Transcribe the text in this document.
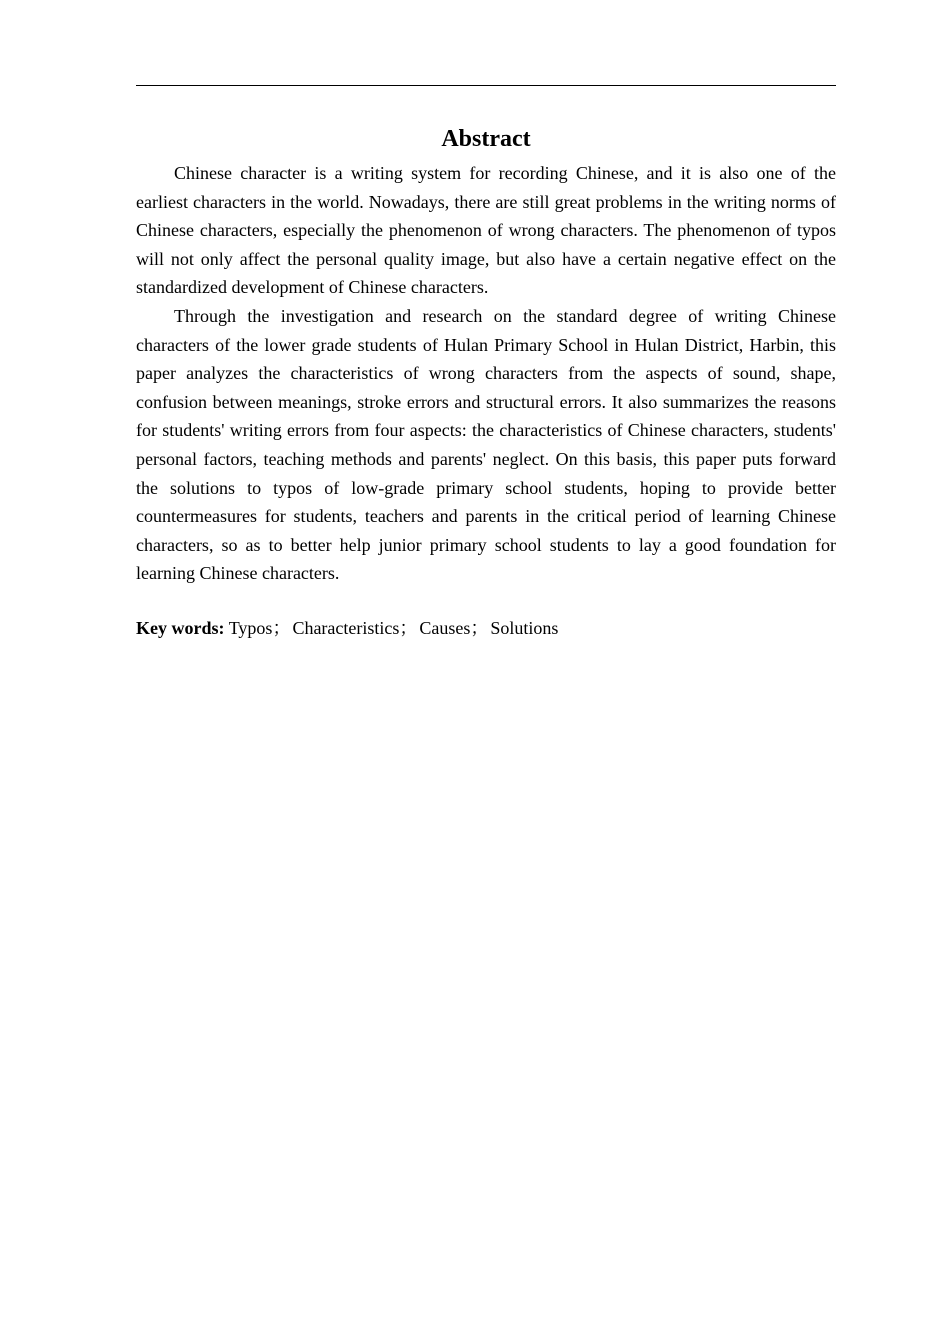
Abstract

Chinese character is a writing system for recording Chinese, and it is also one of the earliest characters in the world. Nowadays, there are still great problems in the writing norms of Chinese characters, especially the phenomenon of wrong characters. The phenomenon of typos will not only affect the personal quality image, but also have a certain negative effect on the standardized development of Chinese characters.

Through the investigation and research on the standard degree of writing Chinese characters of the lower grade students of Hulan Primary School in Hulan District, Harbin, this paper analyzes the characteristics of wrong characters from the aspects of sound, shape, confusion between meanings, stroke errors and structural errors. It also summarizes the reasons for students' writing errors from four aspects: the characteristics of Chinese characters, students' personal factors, teaching methods and parents' neglect. On this basis, this paper puts forward the solutions to typos of low-grade primary school students, hoping to provide better countermeasures for students, teachers and parents in the critical period of learning Chinese characters, so as to better help junior primary school students to lay a good foundation for learning Chinese characters.

Key words: Typos； Characteristics； Causes； Solutions
